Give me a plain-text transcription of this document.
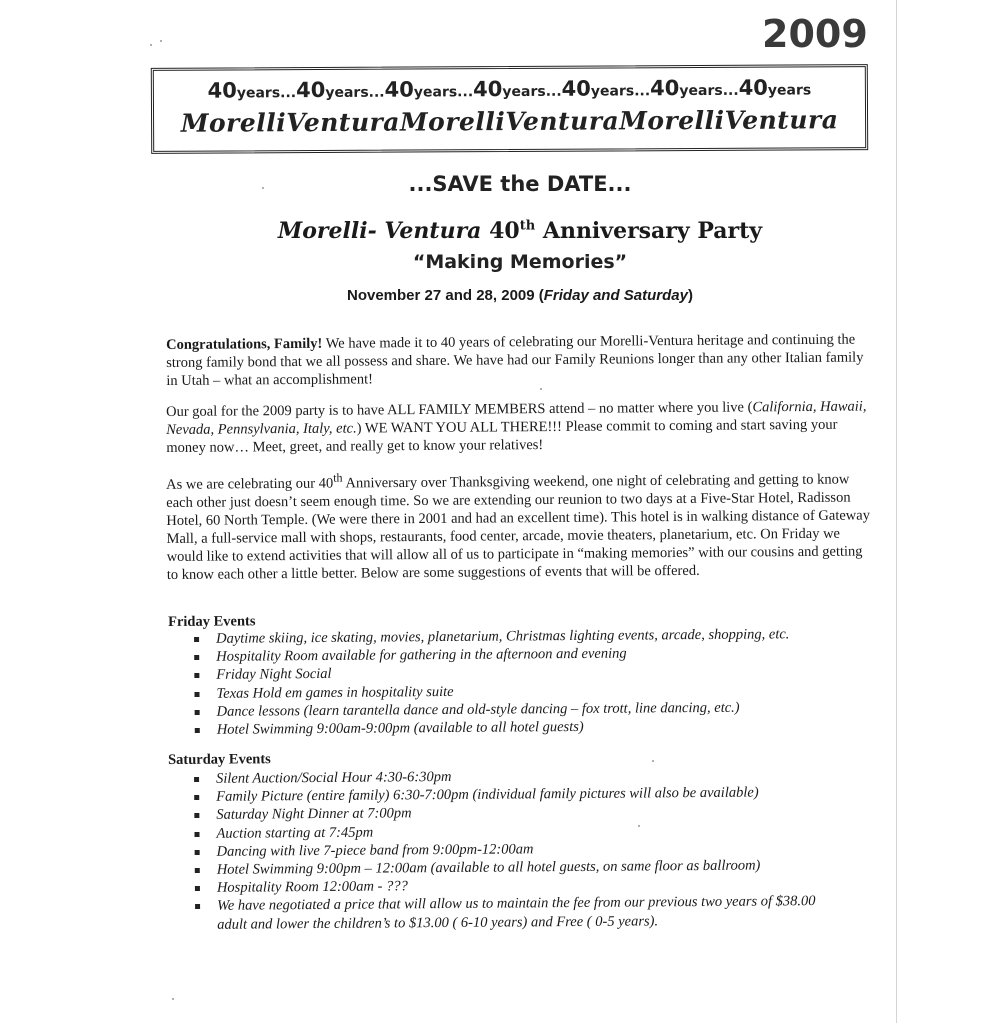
2009
40years...40years...40years...40years...40years...40years...40years
MorelliVenturaMorelliVenturaMorelliVentura
...SAVE the DATE...
Morelli- Ventura 40th Anniversary Party
“Making Memories”
November 27 and 28, 2009 (Friday and Saturday)

Congratulations, Family! We have made it to 40 years of celebrating our Morelli-Ventura heritage and continuing the strong family bond that we all possess and share. We have had our Family Reunions longer than any other Italian family in Utah – what an accomplishment!

Our goal for the 2009 party is to have ALL FAMILY MEMBERS attend – no matter where you live (California, Hawaii, Nevada, Pennsylvania, Italy, etc.) WE WANT YOU ALL THERE!!! Please commit to coming and start saving your money now… Meet, greet, and really get to know your relatives!

As we are celebrating our 40th Anniversary over Thanksgiving weekend, one night of celebrating and getting to know each other just doesn’t seem enough time. So we are extending our reunion to two days at a Five-Star Hotel, Radisson Hotel, 60 North Temple. (We were there in 2001 and had an excellent time). This hotel is in walking distance of Gateway Mall, a full-service mall with shops, restaurants, food center, arcade, movie theaters, planetarium, etc. On Friday we would like to extend activities that will allow all of us to participate in “making memories” with our cousins and getting to know each other a little better. Below are some suggestions of events that will be offered.

Friday Events
Daytime skiing, ice skating, movies, planetarium, Christmas lighting events, arcade, shopping, etc.
Hospitality Room available for gathering in the afternoon and evening
Friday Night Social
Texas Hold em games in hospitality suite
Dance lessons (learn tarantella dance and old-style dancing – fox trott, line dancing, etc.)
Hotel Swimming 9:00am-9:00pm (available to all hotel guests)
Saturday Events
Silent Auction/Social Hour 4:30-6:30pm
Family Picture (entire family) 6:30-7:00pm (individual family pictures will also be available)
Saturday Night Dinner at 7:00pm
Auction starting at 7:45pm
Dancing with live 7-piece band from 9:00pm-12:00am
Hotel Swimming 9:00pm – 12:00am (available to all hotel guests, on same floor as ballroom)
Hospitality Room 12:00am - ???
We have negotiated a price that will allow us to maintain the fee from our previous two years of $38.00 adult and lower the children’s to $13.00 ( 6-10 years) and Free ( 0-5 years).
